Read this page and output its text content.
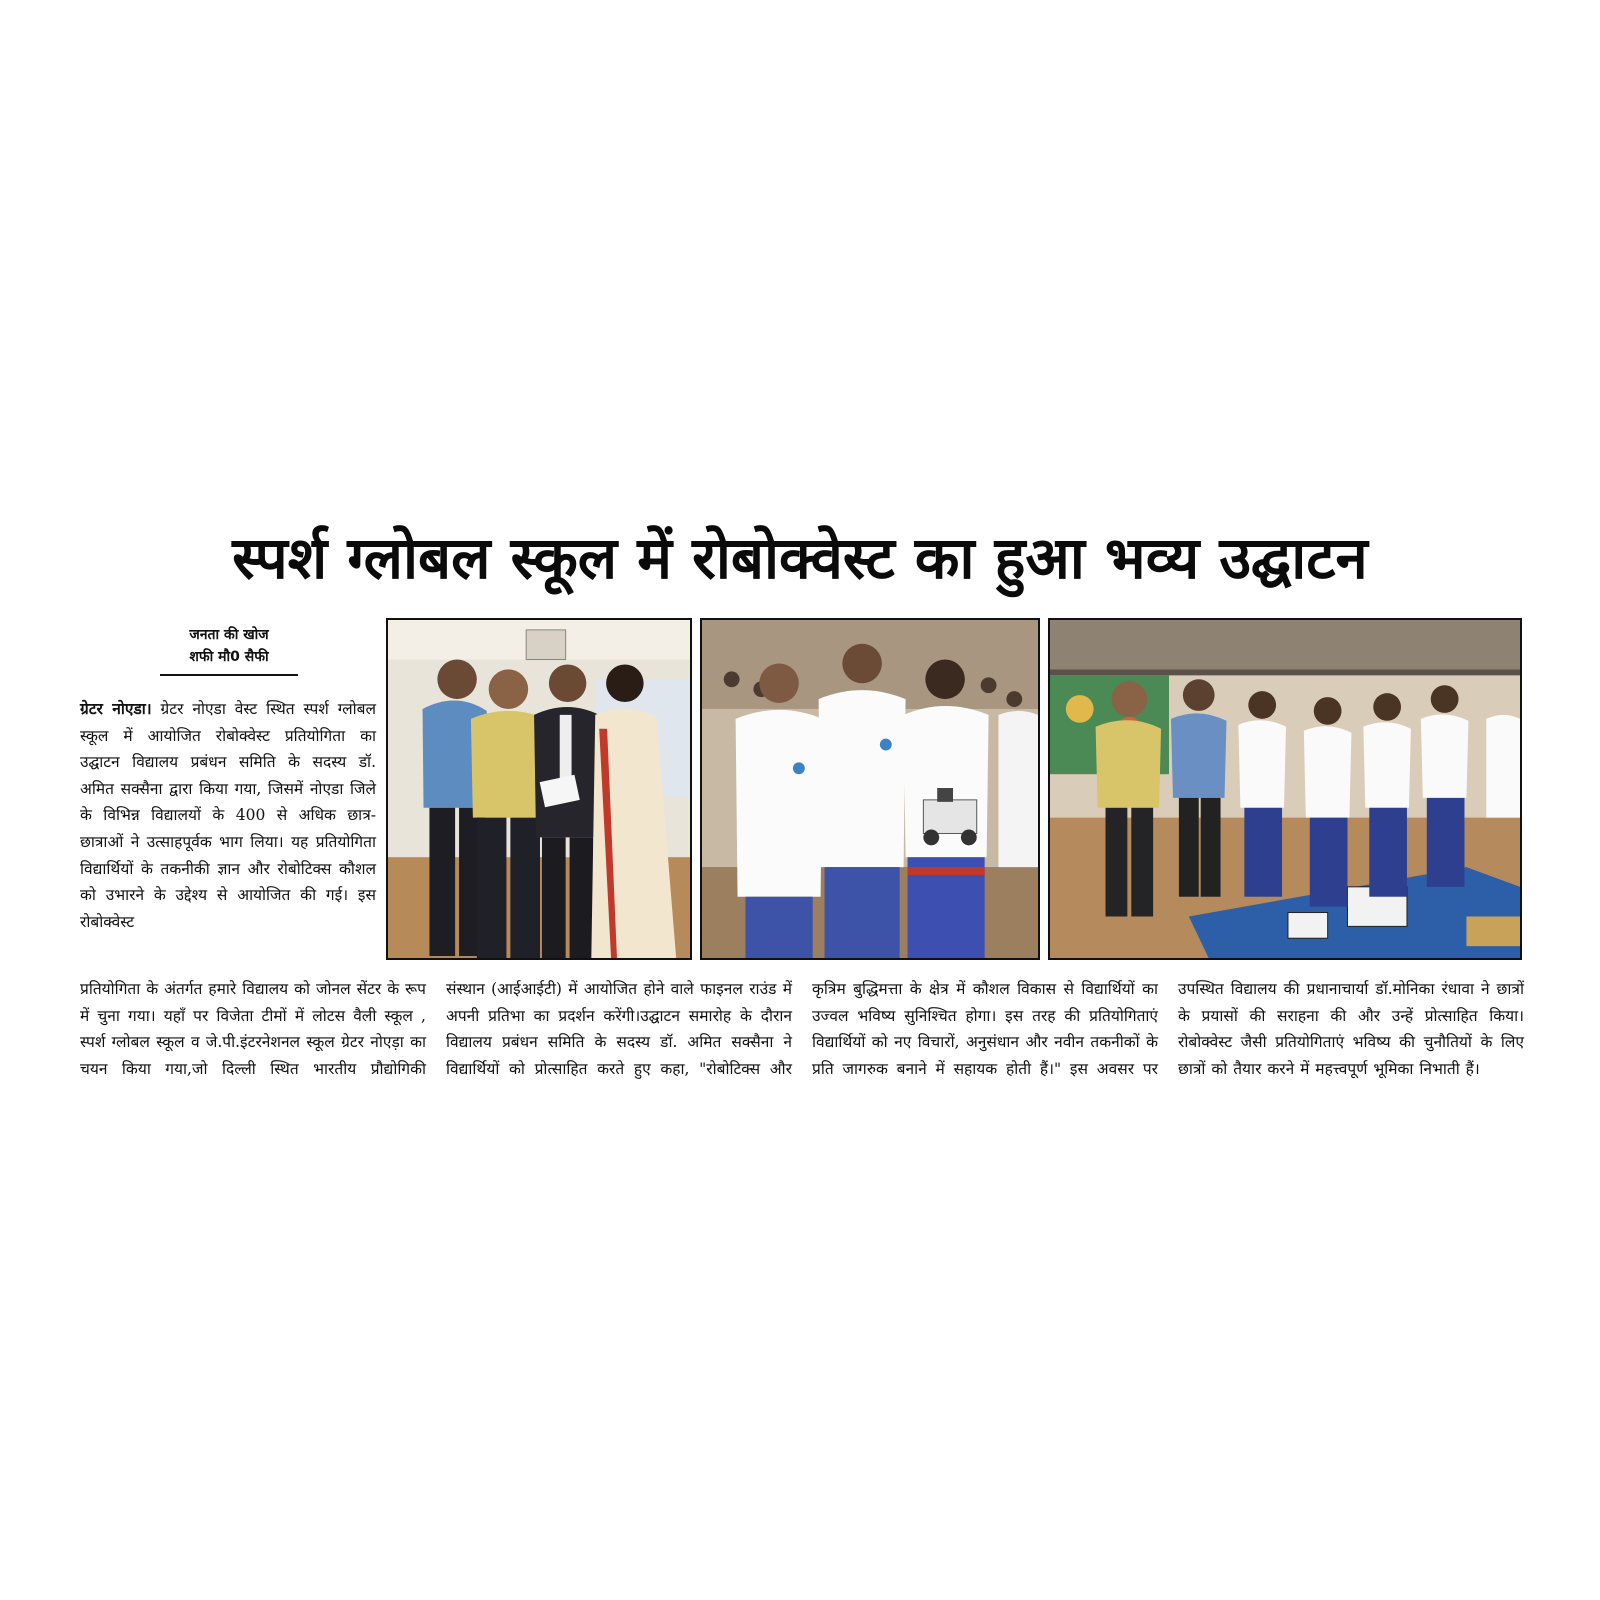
स्पर्श ग्लोबल स्कूल में रोबोक्वेस्ट का हुआ भव्य उद्घाटन
जनता की खोज
शफी मौ0 सैफी

ग्रेटर नोएडा। ग्रेटर नोएडा वेस्ट स्थित स्पर्श ग्लोबल स्कूल में आयोजित रोबोक्वेस्ट प्रतियोगिता का उद्घाटन विद्यालय प्रबंधन समिति के सदस्य डॉ. अमित सक्सैना द्वारा किया गया, जिसमें नोएडा जिले के विभिन्न विद्यालयों के 400 से अधिक छात्र-छात्राओं ने उत्साहपूर्वक भाग लिया। यह प्रतियोगिता विद्यार्थियों के तकनीकी ज्ञान और रोबोटिक्स कौशल को उभारने के उद्देश्य से आयोजित की गई। इस रोबोक्वेस्ट

प्रतियोगिता के अंतर्गत हमारे विद्यालय को जोनल सेंटर के रूप में चुना गया। यहाँ पर विजेता टीमों में लोटस वैली स्कूल , स्पर्श ग्लोबल स्कूल व जे.पी.इंटरनेशनल स्कूल ग्रेटर नोएड़ा का चयन किया गया,जो दिल्ली स्थित भारतीय प्रौद्योगिकी

संस्थान (आईआईटी) में आयोजित होने वाले फाइनल राउंड में अपनी प्रतिभा का प्रदर्शन करेंगी।उद्घाटन समारोह के दौरान विद्यालय प्रबंधन समिति के सदस्य डॉ. अमित सक्सैना ने विद्यार्थियों को प्रोत्साहित करते हुए कहा, "रोबोटिक्स और

कृत्रिम बुद्धिमत्ता के क्षेत्र में कौशल विकास से विद्यार्थियों का उज्वल भविष्य सुनिश्चित होगा। इस तरह की प्रतियोगिताएं विद्यार्थियों को नए विचारों, अनुसंधान और नवीन तकनीकों के प्रति जागरुक बनाने में सहायक होती हैं।" इस अवसर पर

उपस्थित विद्यालय की प्रधानाचार्या डॉ.मोनिका रंधावा ने छात्रों के प्रयासों की सराहना की और उन्हें प्रोत्साहित किया। रोबोक्वेस्ट जैसी प्रतियोगिताएं भविष्य की चुनौतियों के लिए छात्रों को तैयार करने में महत्त्वपूर्ण भूमिका निभाती हैं।
